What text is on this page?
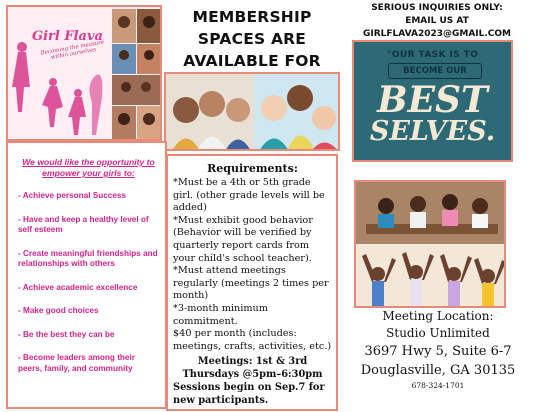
Girl Flava
Becoming the measure within ourselves
MEMBERSHIP SPACES ARE AVAILABLE FOR
SERIOUS INQUIRIES ONLY:
EMAIL US AT GIRLFLAVA2023@GMAIL.COM
"OUR TASK IS TO
BECOME OUR
BEST
SELVES.
We would like the opportunity to empower your girls to:
- Achieve personal Success
- Have and keep a healthy level of self esteem
- Create meaningful friendships and relationships with others
- Achieve academic excellence
- Make good choices
- Be the best they can be
- Become leaders among their peers, family, and community
Requirements:
*Must be a 4th or 5th grade girl. (other grade levels will be added)
*Must exhibit good behavior (Behavior will be verified by quarterly report cards from your child's school teacher).
*Must attend meetings regularly (meetings 2 times per month)
*3-month minimum commitment.
$40 per month (includes: meetings, crafts, activities, etc.)
Meetings: 1st & 3rd Thursdays @5pm–6:30pm
Sessions begin on Sep.7 for new participants.
Meeting Location:
Studio Unlimited
3697 Hwy 5, Suite 6-7
Douglasville, GA 30135
678-324-1701
